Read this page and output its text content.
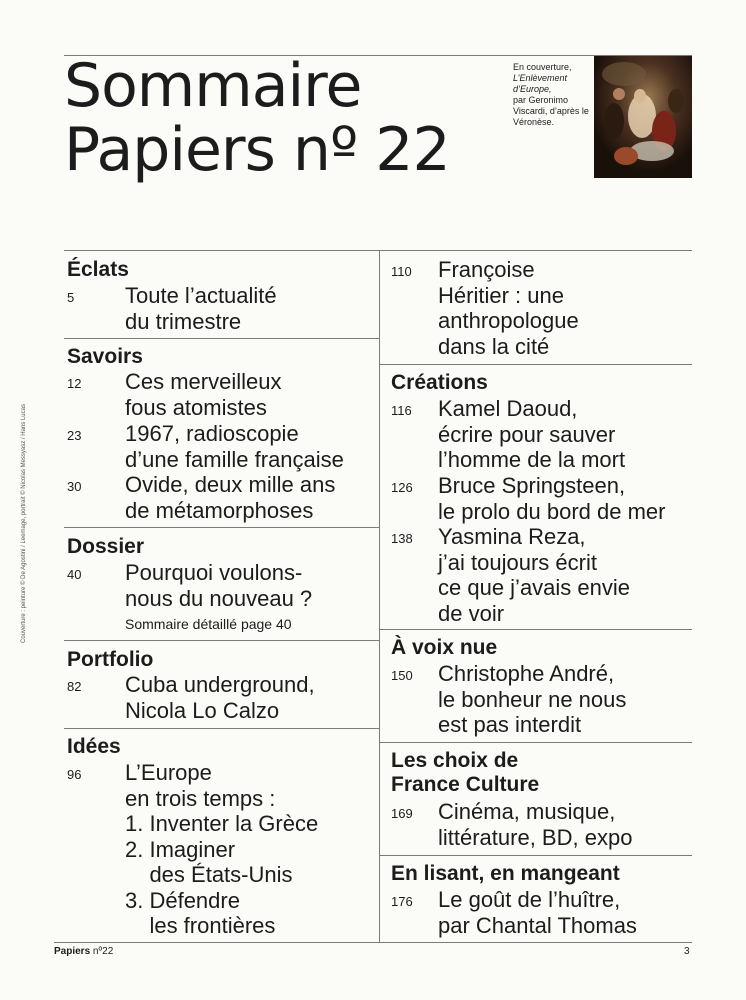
Sommaire
Papiers nº 22
En couverture,
L’Enlèvement d’Europe,
par Geronimo Viscardi, d’après le Véronèse.
Couverture : peinture © De Agostini / Leemage, portrait © Nicolas Messyasz / Hans Lucas
Éclats
5 Toute l’actualité
du trimestre
Savoirs
12 Ces merveilleux
fous atomistes
23 1967, radioscopie
d’une famille française
30 Ovide, deux mille ans
de métamorphoses
Dossier
40 Pourquoi voulons-
nous du nouveau ?
Sommaire détaillé page 40
Portfolio
82 Cuba underground,
Nicola Lo Calzo
Idées
96 L’Europe
en trois temps :
1. Inventer la Grèce
2. Imaginer
des États-Unis
3. Défendre
les frontières
110 Françoise
Héritier : une
anthropologue
dans la cité
Créations
116 Kamel Daoud,
écrire pour sauver
l’homme de la mort
126 Bruce Springsteen,
le prolo du bord de mer
138 Yasmina Reza,
j’ai toujours écrit
ce que j’avais envie
de voir
À voix nue
150 Christophe André,
le bonheur ne nous
est pas interdit
Les choix de
France Culture
169 Cinéma, musique,
littérature, BD, expo
En lisant, en mangeant
176 Le goût de l’huître,
par Chantal Thomas
Papiers nº22	3
